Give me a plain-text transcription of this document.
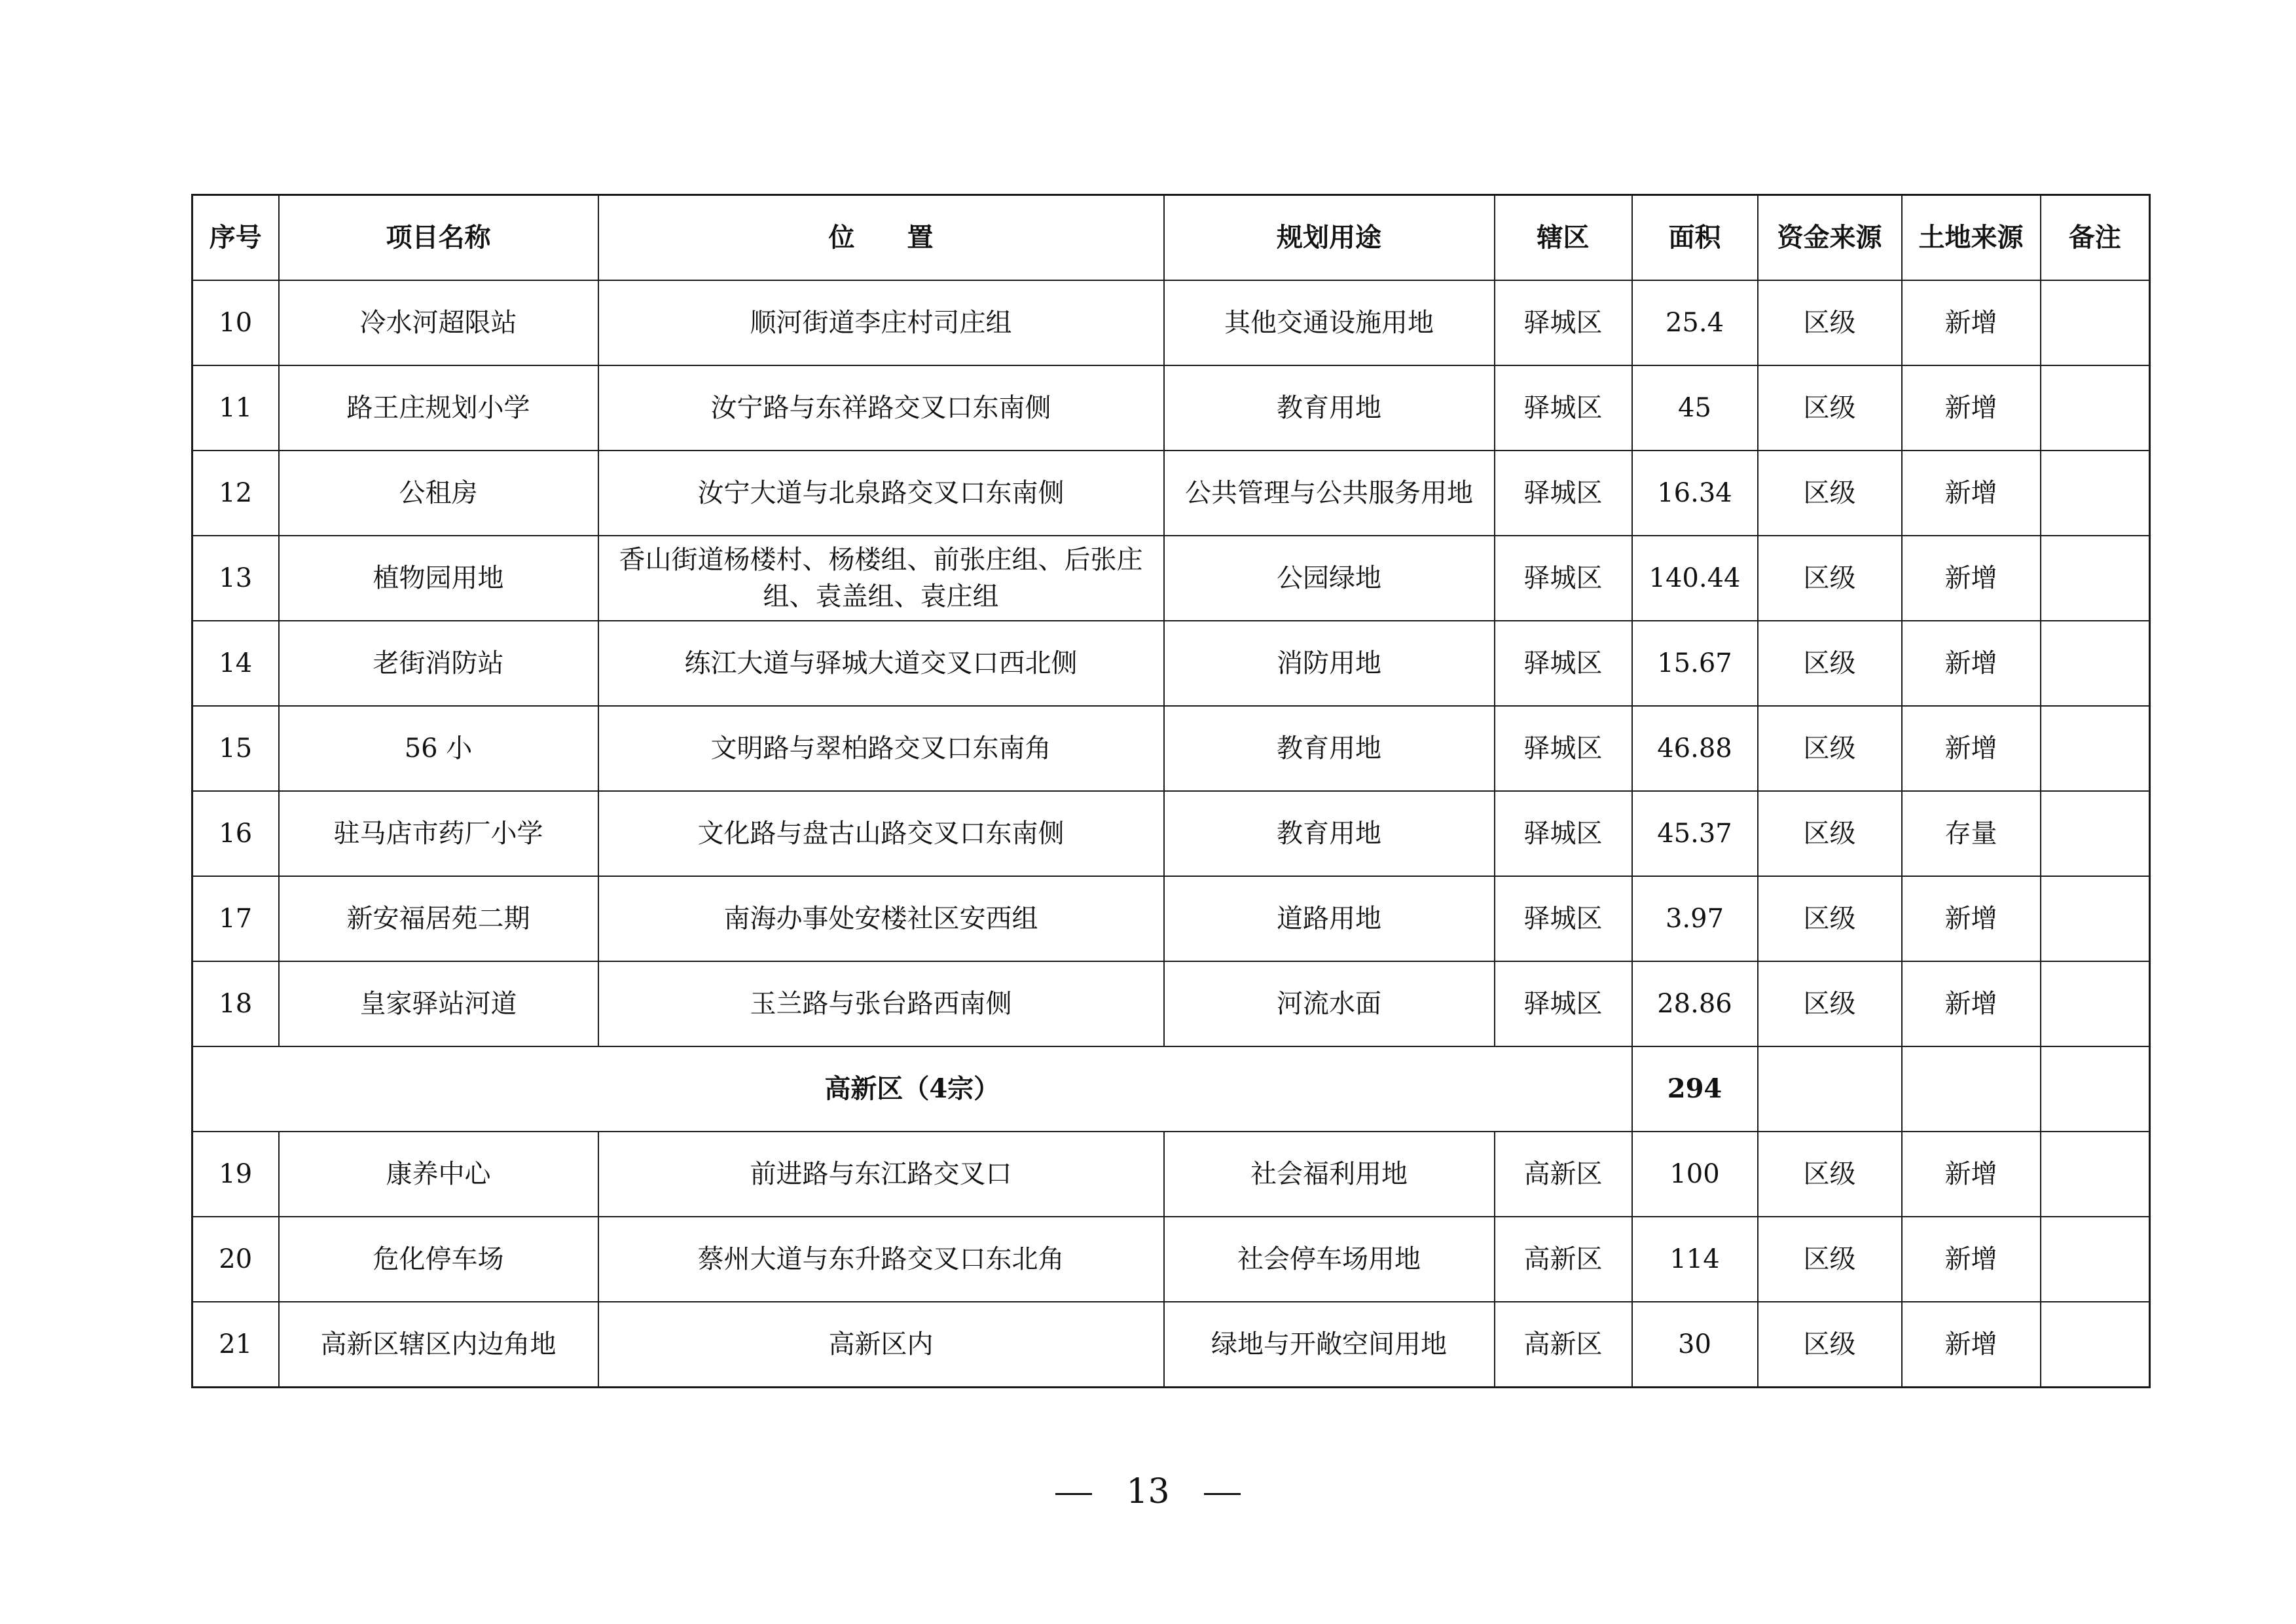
序号	项目名称	位　　置	规划用途	辖区	面积	资金来源	土地来源	备注
10	冷水河超限站	顺河街道李庄村司庄组	其他交通设施用地	驿城区	25.4	区级	新增	
11	路王庄规划小学	汝宁路与东祥路交叉口东南侧	教育用地	驿城区	45	区级	新增	
12	公租房	汝宁大道与北泉路交叉口东南侧	公共管理与公共服务用地	驿城区	16.34	区级	新增	
13	植物园用地	香山街道杨楼村、杨楼组、前张庄组、后张庄组、袁盖组、袁庄组	公园绿地	驿城区	140.44	区级	新增	
14	老街消防站	练江大道与驿城大道交叉口西北侧	消防用地	驿城区	15.67	区级	新增	
15	56 小	文明路与翠柏路交叉口东南角	教育用地	驿城区	46.88	区级	新增	
16	驻马店市药厂小学	文化路与盘古山路交叉口东南侧	教育用地	驿城区	45.37	区级	存量	
17	新安福居苑二期	南海办事处安楼社区安西组	道路用地	驿城区	3.97	区级	新增	
18	皇家驿站河道	玉兰路与张台路西南侧	河流水面	驿城区	28.86	区级	新增	
高新区（4宗）					294			
19	康养中心	前进路与东江路交叉口	社会福利用地	高新区	100	区级	新增	
20	危化停车场	蔡州大道与东升路交叉口东北角	社会停车场用地	高新区	114	区级	新增	
21	高新区辖区内边角地	高新区内	绿地与开敞空间用地	高新区	30	区级	新增	
13
